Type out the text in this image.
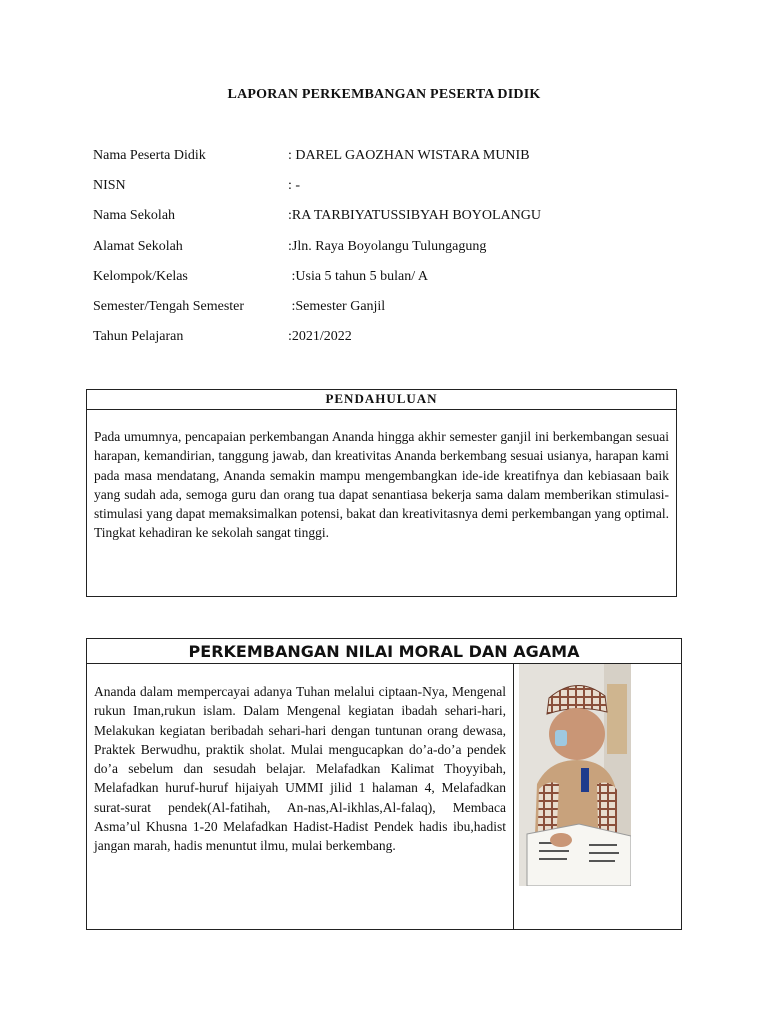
LAPORAN PERKEMBANGAN PESERTA DIDIK
Nama Peserta Didik	: DAREL GAOZHAN WISTARA MUNIB
NISN	: -
Nama Sekolah	:RA TARBIYATUSSIBYAH BOYOLANGU
Alamat Sekolah	:Jln. Raya Boyolangu Tulungagung
Kelompok/Kelas	:Usia 5 tahun 5 bulan/ A
Semester/Tengah Semester	:Semester Ganjil
Tahun Pelajaran	:2021/2022
PENDAHULUAN
Pada umumnya, pencapaian perkembangan Ananda hingga akhir semester ganjil ini berkembangan sesuai harapan, kemandirian, tanggung jawab, dan kreativitas Ananda berkembang sesuai usianya, harapan kami pada masa mendatang, Ananda semakin mampu mengembangkan ide-ide kreatifnya dan kebiasaan baik yang sudah ada, semoga guru dan orang tua dapat senantiasa bekerja sama dalam memberikan stimulasi-stimulasi yang dapat memaksimalkan potensi, bakat dan kreativitasnya demi perkembangan yang optimal. Tingkat kehadiran ke sekolah sangat tinggi.
PERKEMBANGAN NILAI MORAL DAN AGAMA
Ananda dalam mempercayai adanya Tuhan melalui ciptaan-Nya, Mengenal rukun Iman,rukun islam. Dalam Mengenal kegiatan ibadah sehari-hari, Melakukan kegiatan beribadah sehari-hari dengan tuntunan orang dewasa, Praktek Berwudhu, praktik sholat. Mulai mengucapkan do’a-do’a pendek do’a sebelum dan sesudah belajar. Melafadkan Kalimat Thoyyibah, Melafadkan huruf-huruf hijaiyah UMMI jilid 1 halaman 4, Melafadkan surat-surat pendek(Al-fatihah, An-nas,Al-ikhlas,Al-falaq), Membaca Asma’ul Khusna 1-20 Melafadkan Hadist-Hadist Pendek hadis ibu,hadist jangan marah, hadis menuntut ilmu, mulai berkembang.
